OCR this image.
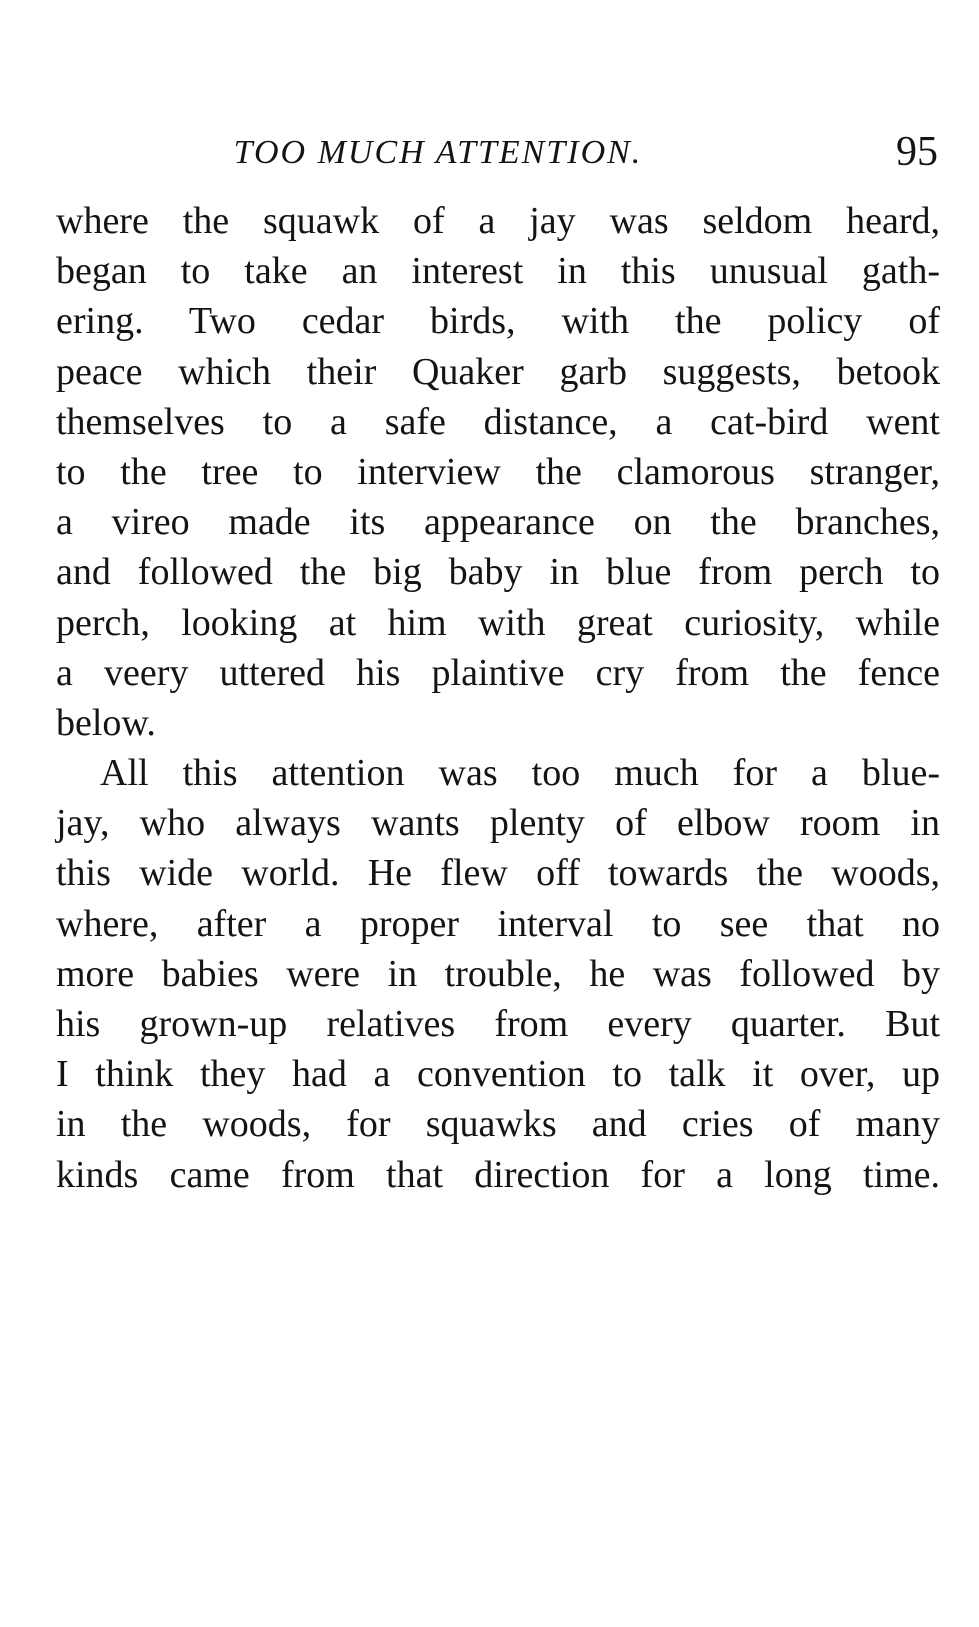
TOO MUCH ATTENTION.	95
where the squawk of a jay was seldom heard,
began to take an interest in this unusual gath-
ering. Two cedar birds, with the policy of
peace which their Quaker garb suggests, betook
themselves to a safe distance, a cat-bird went
to the tree to interview the clamorous stranger,
a vireo made its appearance on the branches,
and followed the big baby in blue from perch to
perch, looking at him with great curiosity, while
a veery uttered his plaintive cry from the fence
below.
All this attention was too much for a blue-
jay, who always wants plenty of elbow room in
this wide world. He flew off towards the woods,
where, after a proper interval to see that no
more babies were in trouble, he was followed by
his grown-up relatives from every quarter. But
I think they had a convention to talk it over, up
in the woods, for squawks and cries of many
kinds came from that direction for a long time.
